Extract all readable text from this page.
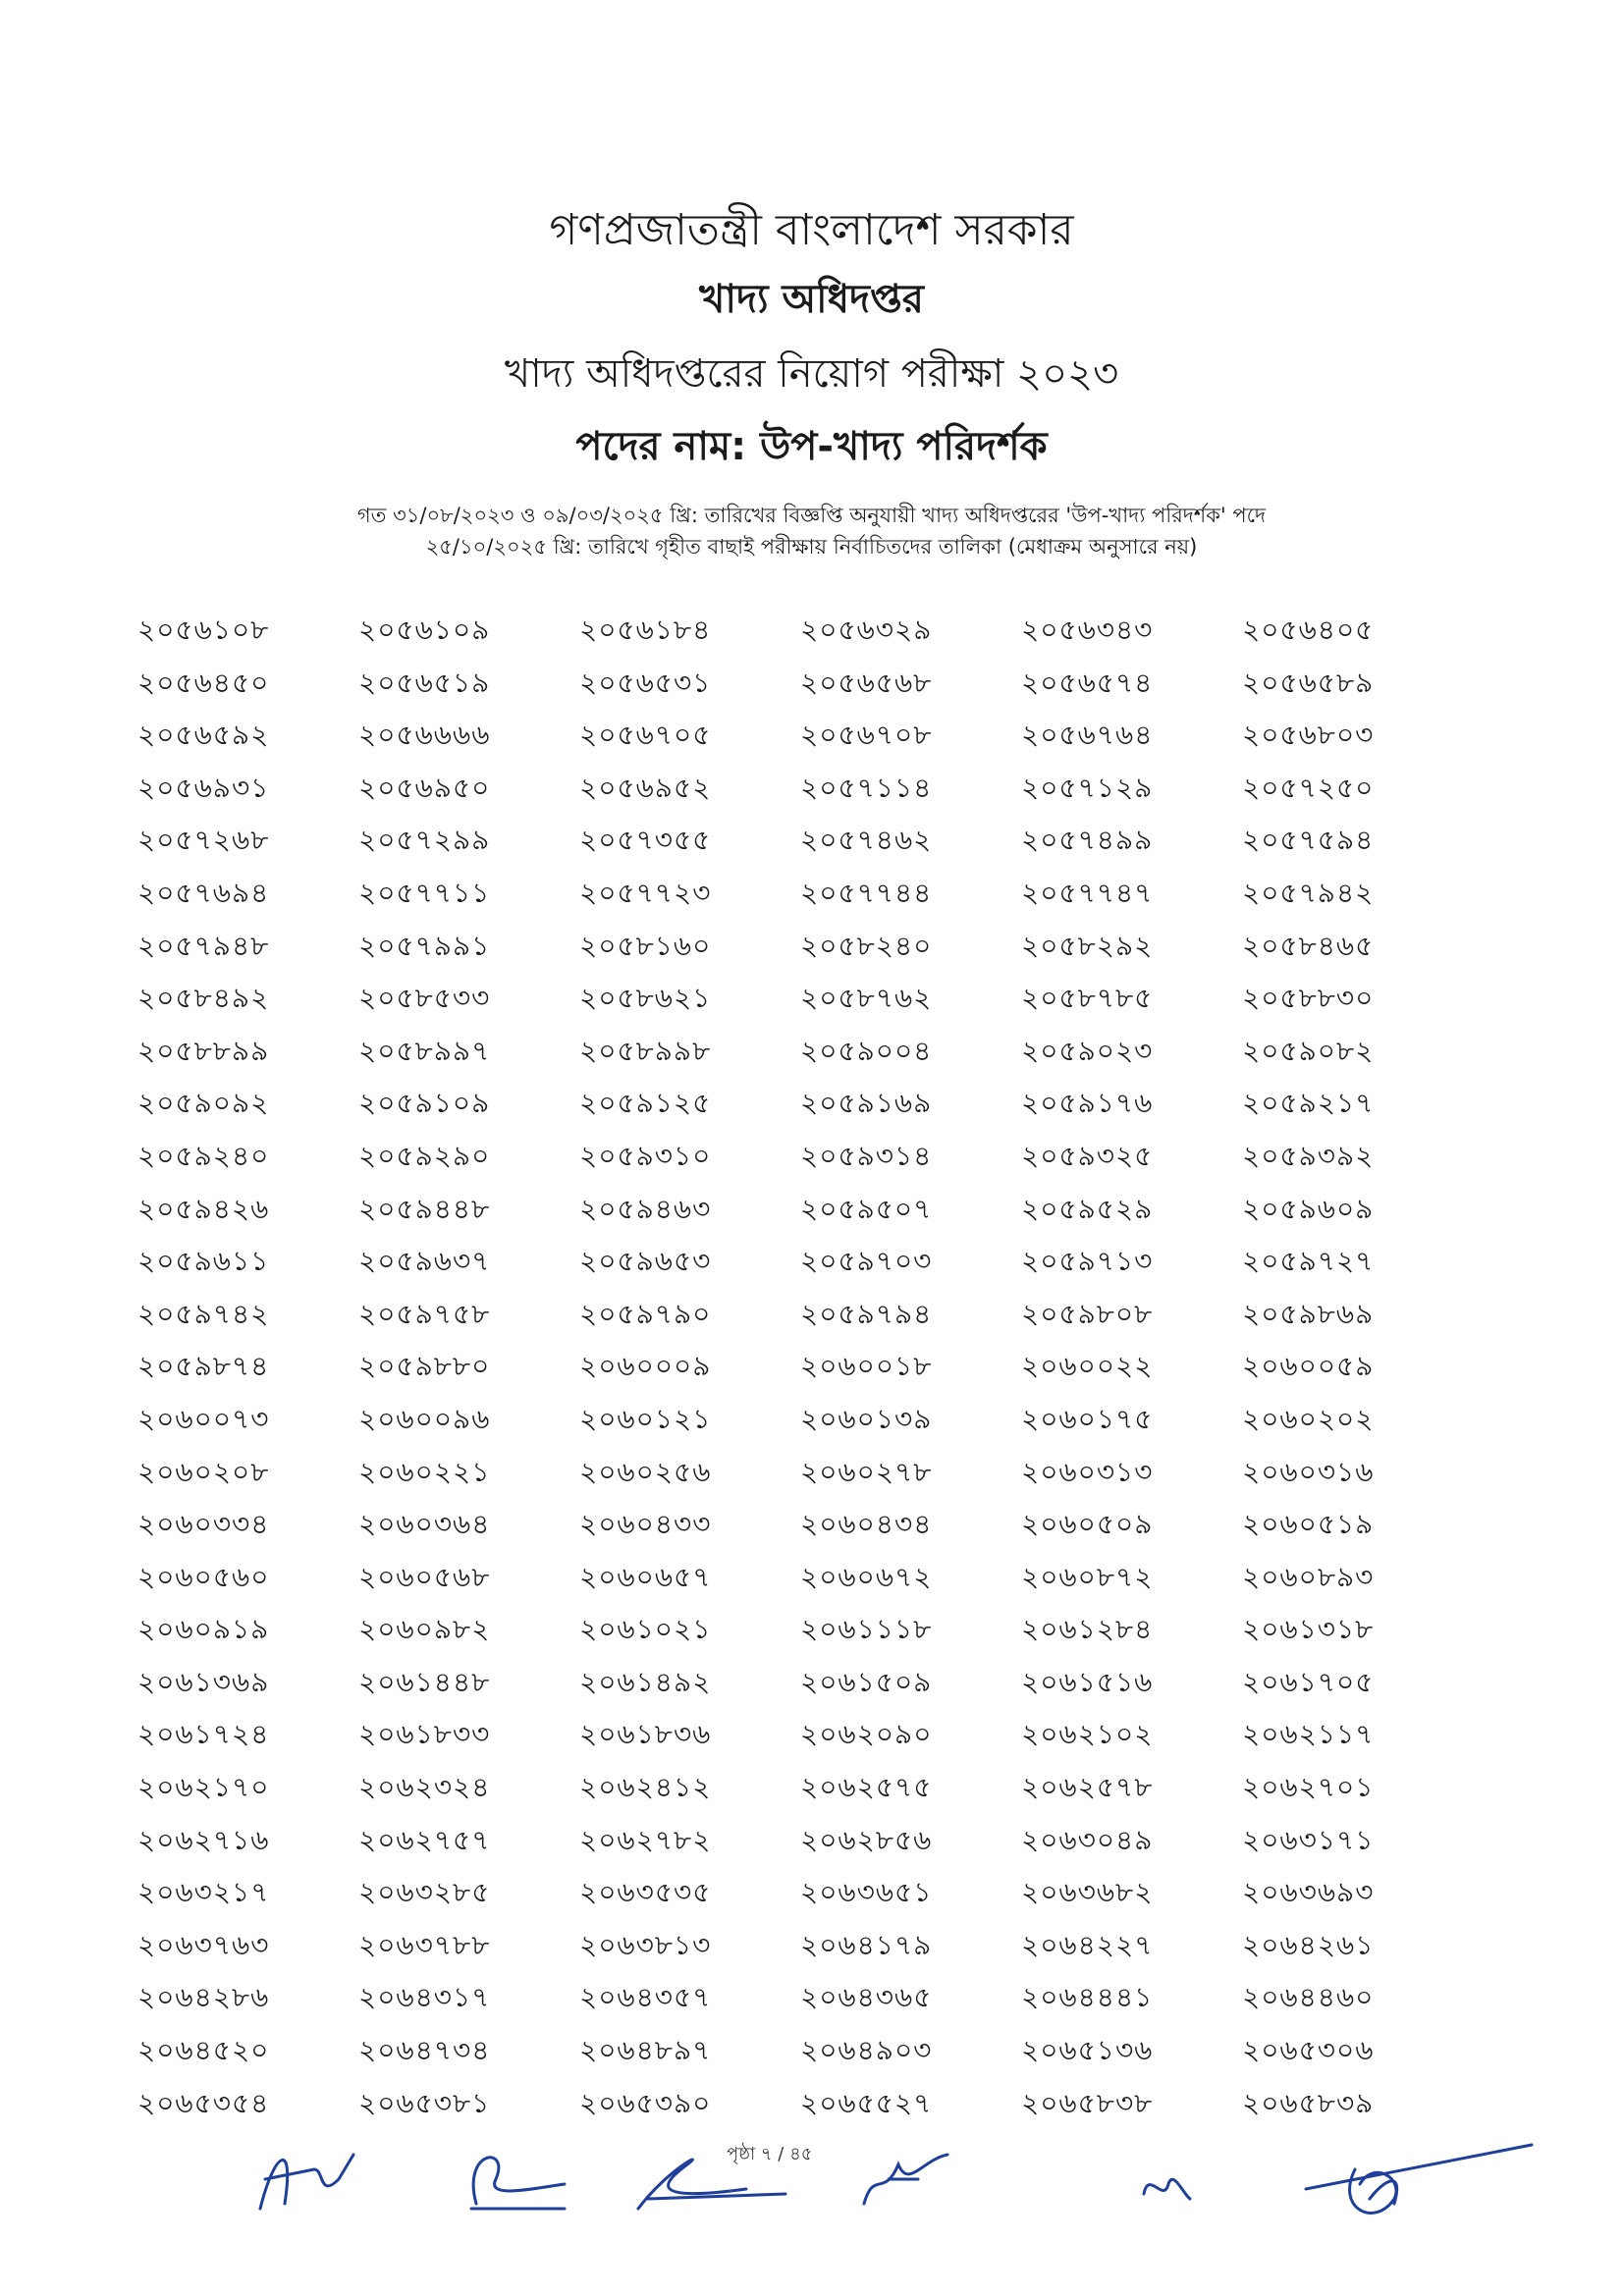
গণপ্রজাতন্ত্রী বাংলাদেশ সরকার
খাদ্য অধিদপ্তর
খাদ্য অধিদপ্তরের নিয়োগ পরীক্ষা ২০২৩
পদের নাম: উপ-খাদ্য পরিদর্শক
গত ৩১/০৮/২০২৩ ও ০৯/০৩/২০২৫ খ্রি: তারিখের বিজ্ঞপ্তি অনুযায়ী খাদ্য অধিদপ্তরের 'উপ-খাদ্য পরিদর্শক' পদে
২৫/১০/২০২৫ খ্রি: তারিখে গৃহীত বাছাই পরীক্ষায় নির্বাচিতদের তালিকা (মেধাক্রম অনুসারে নয়)
২০৫৬১০৮	২০৫৬১০৯	২০৫৬১৮৪	২০৫৬৩২৯	২০৫৬৩৪৩	২০৫৬৪০৫
২০৫৬৪৫০	২০৫৬৫১৯	২০৫৬৫৩১	২০৫৬৫৬৮	২০৫৬৫৭৪	২০৫৬৫৮৯
২০৫৬৫৯২	২০৫৬৬৬৬	২০৫৬৭০৫	২০৫৬৭০৮	২০৫৬৭৬৪	২০৫৬৮০৩
২০৫৬৯৩১	২০৫৬৯৫০	২০৫৬৯৫২	২০৫৭১১৪	২০৫৭১২৯	২০৫৭২৫০
২০৫৭২৬৮	২০৫৭২৯৯	২০৫৭৩৫৫	২০৫৭৪৬২	২০৫৭৪৯৯	২০৫৭৫৯৪
২০৫৭৬৯৪	২০৫৭৭১১	২০৫৭৭২৩	২০৫৭৭৪৪	২০৫৭৭৪৭	২০৫৭৯৪২
২০৫৭৯৪৮	২০৫৭৯৯১	২০৫৮১৬০	২০৫৮২৪০	২০৫৮২৯২	২০৫৮৪৬৫
২০৫৮৪৯২	২০৫৮৫৩৩	২০৫৮৬২১	২০৫৮৭৬২	২০৫৮৭৮৫	২০৫৮৮৩০
২০৫৮৮৯৯	২০৫৮৯৯৭	২০৫৮৯৯৮	২০৫৯০০৪	২০৫৯০২৩	২০৫৯০৮২
২০৫৯০৯২	২০৫৯১০৯	২০৫৯১২৫	২০৫৯১৬৯	২০৫৯১৭৬	২০৫৯২১৭
২০৫৯২৪০	২০৫৯২৯০	২০৫৯৩১০	২০৫৯৩১৪	২০৫৯৩২৫	২০৫৯৩৯২
২০৫৯৪২৬	২০৫৯৪৪৮	২০৫৯৪৬৩	২০৫৯৫০৭	২০৫৯৫২৯	২০৫৯৬০৯
২০৫৯৬১১	২০৫৯৬৩৭	২০৫৯৬৫৩	২০৫৯৭০৩	২০৫৯৭১৩	২০৫৯৭২৭
২০৫৯৭৪২	২০৫৯৭৫৮	২০৫৯৭৯০	২০৫৯৭৯৪	২০৫৯৮০৮	২০৫৯৮৬৯
২০৫৯৮৭৪	২০৫৯৮৮০	২০৬০০০৯	২০৬০০১৮	২০৬০০২২	২০৬০০৫৯
২০৬০০৭৩	২০৬০০৯৬	২০৬০১২১	২০৬০১৩৯	২০৬০১৭৫	২০৬০২০২
২০৬০২০৮	২০৬০২২১	২০৬০২৫৬	২০৬০২৭৮	২০৬০৩১৩	২০৬০৩১৬
২০৬০৩৩৪	২০৬০৩৬৪	২০৬০৪৩৩	২০৬০৪৩৪	২০৬০৫০৯	২০৬০৫১৯
২০৬০৫৬০	২০৬০৫৬৮	২০৬০৬৫৭	২০৬০৬৭২	২০৬০৮৭২	২০৬০৮৯৩
২০৬০৯১৯	২০৬০৯৮২	২০৬১০২১	২০৬১১১৮	২০৬১২৮৪	২০৬১৩১৮
২০৬১৩৬৯	২০৬১৪৪৮	২০৬১৪৯২	২০৬১৫০৯	২০৬১৫১৬	২০৬১৭০৫
২০৬১৭২৪	২০৬১৮৩৩	২০৬১৮৩৬	২০৬২০৯০	২০৬২১০২	২০৬২১১৭
২০৬২১৭০	২০৬২৩২৪	২০৬২৪১২	২০৬২৫৭৫	২০৬২৫৭৮	২০৬২৭০১
২০৬২৭১৬	২০৬২৭৫৭	২০৬২৭৮২	২০৬২৮৫৬	২০৬৩০৪৯	২০৬৩১৭১
২০৬৩২১৭	২০৬৩২৮৫	২০৬৩৫৩৫	২০৬৩৬৫১	২০৬৩৬৮২	২০৬৩৬৯৩
২০৬৩৭৬৩	২০৬৩৭৮৮	২০৬৩৮১৩	২০৬৪১৭৯	২০৬৪২২৭	২০৬৪২৬১
২০৬৪২৮৬	২০৬৪৩১৭	২০৬৪৩৫৭	২০৬৪৩৬৫	২০৬৪৪৪১	২০৬৪৪৬০
২০৬৪৫২০	২০৬৪৭৩৪	২০৬৪৮৯৭	২০৬৪৯০৩	২০৬৫১৩৬	২০৬৫৩০৬
২০৬৫৩৫৪	২০৬৫৩৮১	২০৬৫৩৯০	২০৬৫৫২৭	২০৬৫৮৩৮	২০৬৫৮৩৯
পৃষ্ঠা ৭ / ৪৫
